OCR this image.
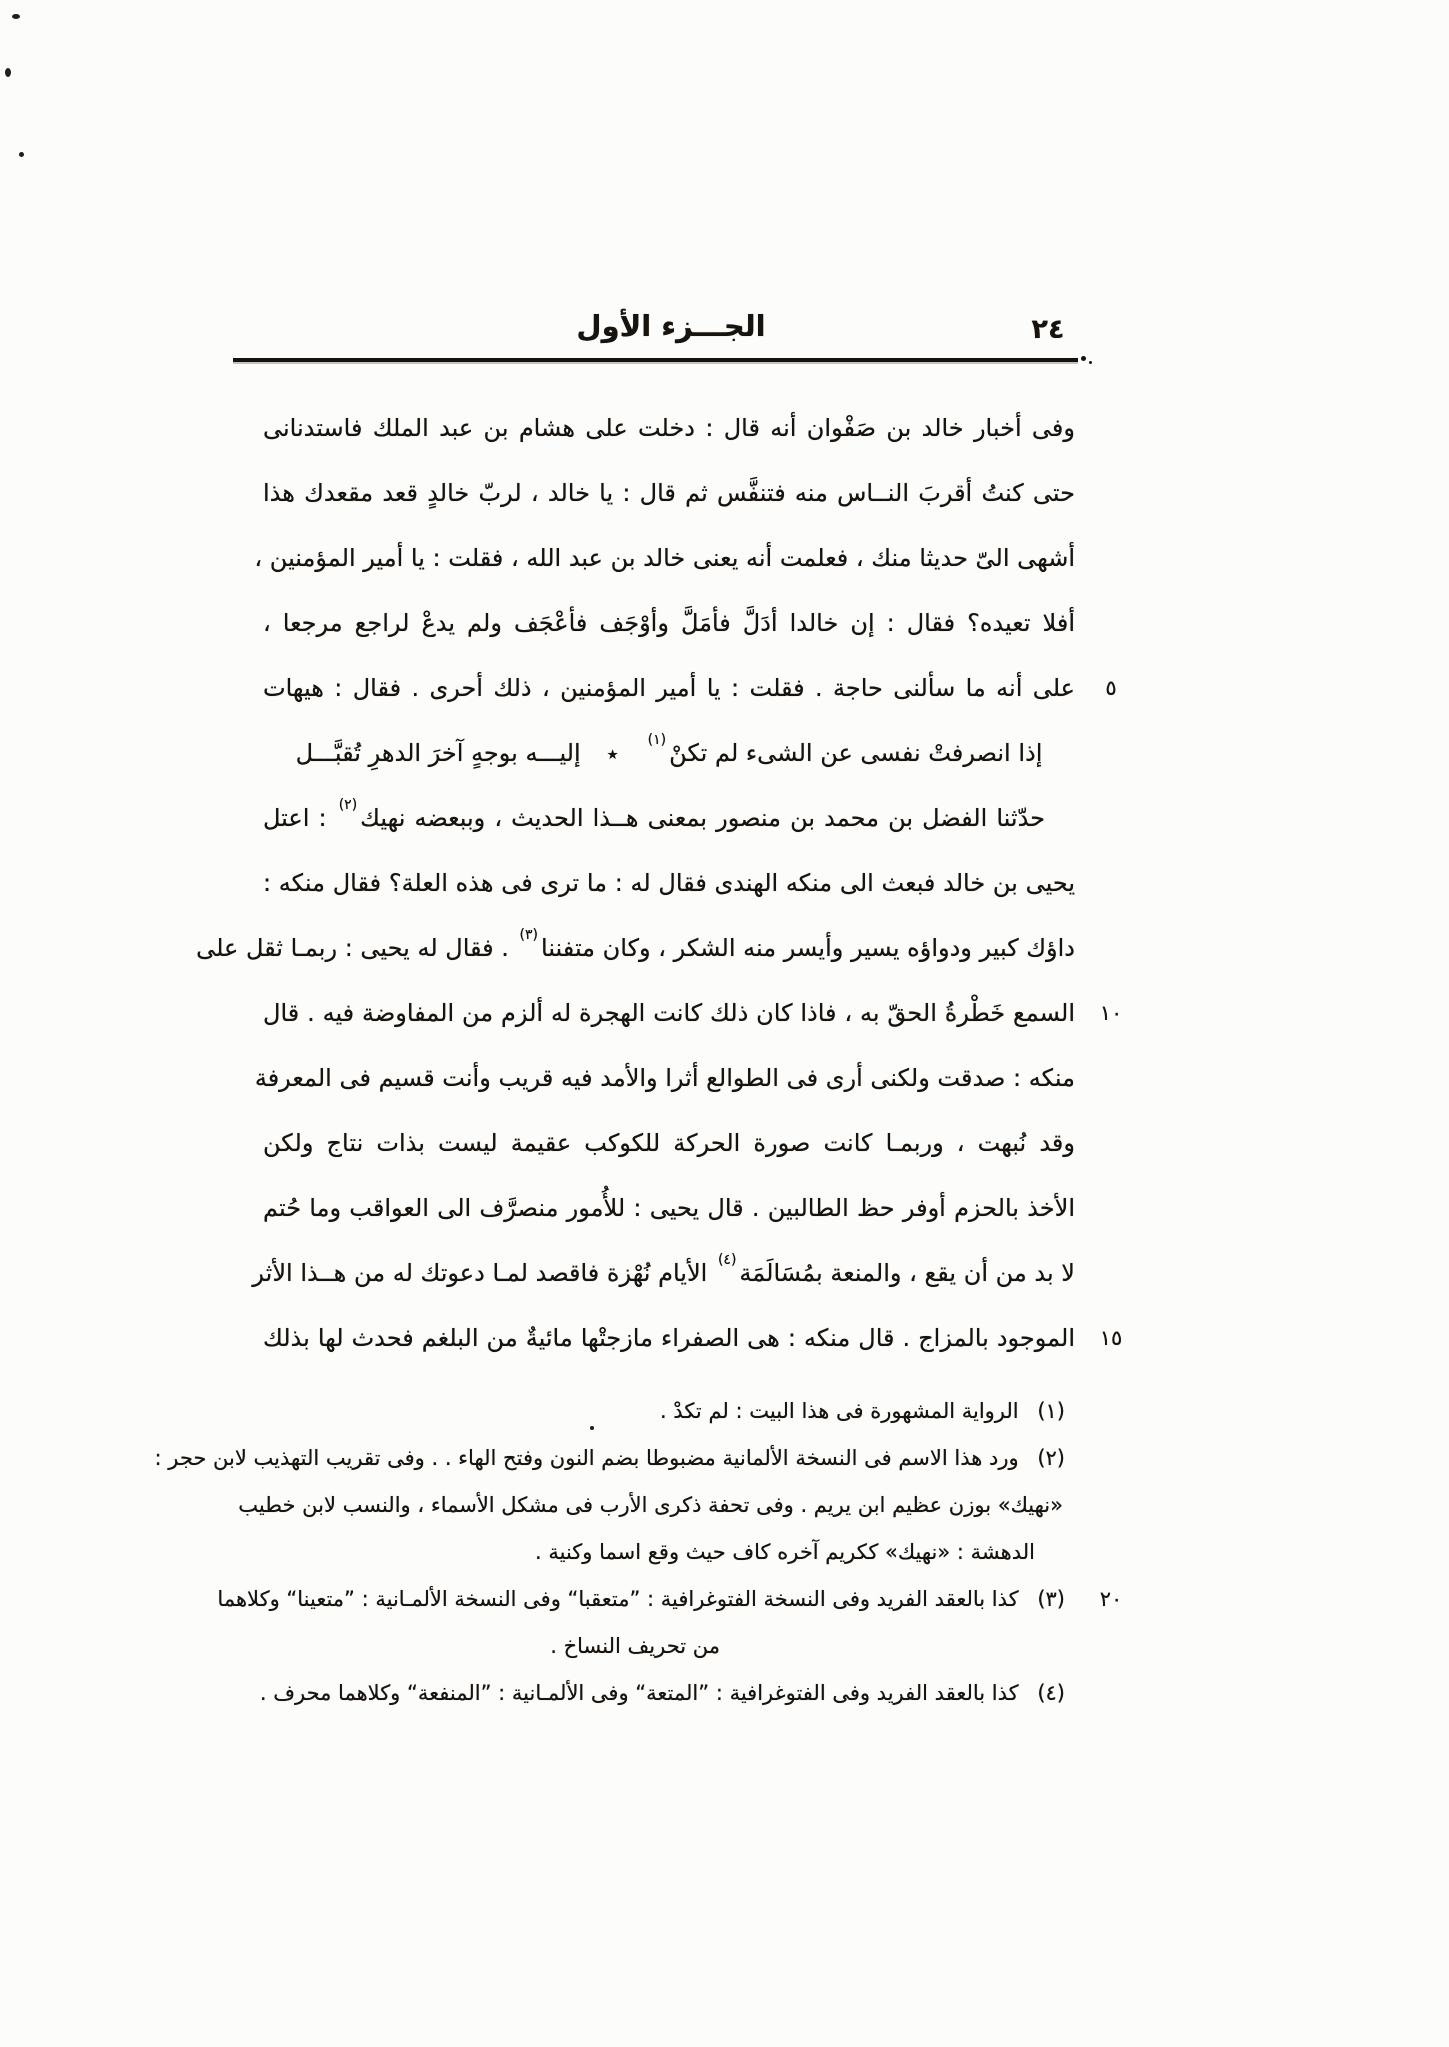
الجـــزء الأول	٢٤
وفى أخبار خالد بن صَفْوان أنه قال : دخلت على هشام بن عبد الملك فاستدنانى
حتى كنتُ أقربَ النــاس منه فتنفَّس ثم قال : يا خالد ، لربّ خالدٍ قعد مقعدك هذا
أشهى الىّ حديثا منك ، فعلمت أنه يعنى خالد بن عبد الله ، فقلت : يا أمير المؤمنين ،
أفلا تعيده؟ فقال : إن خالدا أدَلَّ فأمَلَّ وأوْجَف فأعْجَف ولم يدعْ لراجع مرجعا ،
على أنه ما سألنى حاجة . فقلت : يا أمير المؤمنين ، ذلك أحرى . فقال : هيهات
إذا انصرفتْ نفسى عن الشىء لم تكنْ(١)٭إليـــه بوجهٍ آخرَ الدهرِ تُقبَّـــل
حدّثنا الفضل بن محمد بن منصور بمعنى هــذا الحديث ، وببعضه نهيك(٢) : اعتل
يحيى بن خالد فبعث الى منكه الهندى فقال له : ما ترى فى هذه العلة؟ فقال منكه :
داؤك كبير ودواؤه يسير وأيسر منه الشكر ، وكان متفننا(٣) . فقال له يحيى : ربمـا ثقل على
السمع خَطْرةُ الحقّ به ، فاذا كان ذلك كانت الهجرة له ألزم من المفاوضة فيه . قال
منكه : صدقت ولكنى أرى فى الطوالع أثرا والأمد فيه قريب وأنت قسيم فى المعرفة
وقد نُبهت ، وربمـا كانت صورة الحركة للكوكب عقيمة ليست بذات نتاج ولكن
الأخذ بالحزم أوفر حظ الطالبين . قال يحيى : للأُمور منصرَّف الى العواقب وما حُتم
لا بد من أن يقع ، والمنعة بمُسَالَمَة(٤) الأيام نُهْزة فاقصد لمـا دعوتك له من هــذا الأثر
الموجود بالمزاج . قال منكه : هى الصفراء مازجتْها مائيةٌ من البلغم فحدث لها بذلك
٥
١٠
١٥
٢٠
(١) الرواية المشهورة فى هذا البيت : لم تكدْ .
(٢) ورد هذا الاسم فى النسخة الألمانية مضبوطا بضم النون وفتح الهاء . . وفى تقريب التهذيب لابن حجر :
«نهيك» بوزن عظيم ابن يريم . وفى تحفة ذكرى الأرب فى مشكل الأسماء ، والنسب لابن خطيب
الدهشة : «نهيك» ككريم آخره كاف حيث وقع اسما وكنية .
(٣) كذا بالعقد الفريد وفى النسخة الفتوغرافية : ”متعقبا“ وفى النسخة الألمـانية : ”متعينا“ وكلاهما
من تحريف النساخ .
(٤) كذا بالعقد الفريد وفى الفتوغرافية : ”المتعة“ وفى الألمـانية : ”المنفعة“ وكلاهما محرف .
